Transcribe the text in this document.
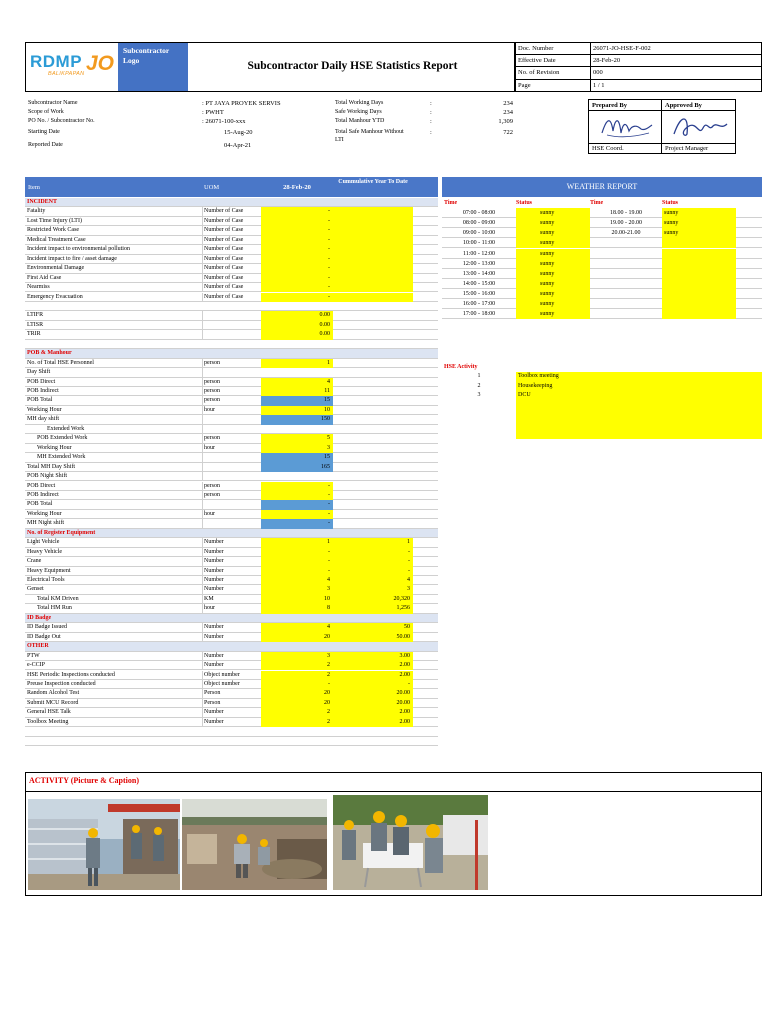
RDMP JO
BALIKPAPAN
Subcontractor Logo	Subcontractor Daily HSE Statistics Report
Doc. Number	26071-JO-HSE-F-002
Effective Date	28-Feb-20
No. of Revision	000
Page	1 / 1
Subcontractor Name	: PT JAYA PROYEK SERVIS
Scope of Work	: PWHT
PO No. / Subcontractor No.	: 26071-100-xxx
Starting Date	15-Aug-20
Reported Date	04-Apr-21
Total Working Days	:	234
Safe Working Days	:	234
Total Manhour YTD	:	1,309
Total Safe Manhour Without LTI
:	722
Prepared By	Approved By
HSE Coord.	Project Manager
Item	UOM	28-Feb-20
Cummulative Year To Date
INCIDENT
Fatality	Number of Case	-
Lost Time Injury (LTI)	Number of Case	-
Restricted Work Case	Number of Case	-
Medical Treatment Case	Number of Case	-
Incident impact to environmental pollution	Number of Case	-
Incident impact to fire / asset damage	Number of Case	-
Environmental Damage	Number of Case	-
First Aid Case	Number of Case	-
Nearmiss	Number of Case	-
Emergency Evacuation	Number of Case	-
LTIFR	0.00
LTISR	0.00
TRIR	0.00
POB & Manhour
No. of Total HSE Personnel	person	1
Day Shift
POB Direct	person	4
POB Indirect	person	11
POB Total	person	15
Working Hour	hour	10
MH day shift	150
Extended Work
POB Extended Work	person	5
Working Hour	hour	3
MH Extended Work	15
Total MH Day Shift	165
POB Night Shift
POB Direct	person	-
POB Indirect	person	-
POB Total	-
Working Hour	hour	-
MH Night shift	-
No. of Register Equipment
Light Vehicle	Number	1	1
Heavy Vehicle	Number	-	-
Crane	Number	-	-
Heavy Equipment	Number	-	-
Electrical Tools	Number	4	4
Genset	Number	3	3
Total KM Driven	KM	10	20,320
Total HM Run	hour	8	1,256
ID Badge
ID Badge Issued	Number	4	50
ID Badge Out	Number	20	50.00
OTHER
PTW	Number	3	3.00
e-CCIP	Number	2	2.00
HSE Periodic Inspections conducted	Object number	2	2.00
Preuse Inspection conducted	Object number	-	-
Random Alcohol Test	Person	20	20.00
Submit MCU Record	Person	20	20.00
General HSE Talk	Number	2	2.00
Toolbox Meeting	Number	2	2.00
WEATHER REPORT
Time	Status	Time	Status
07:00 - 08:00	sunny	18.00 - 19.00	sunny
08:00 - 09:00	sunny	19.00 - 20.00	sunny
09:00 - 10:00	sunny	20.00-21.00	sunny
10:00 - 11:00	sunny
11:00 - 12:00	sunny
12:00 - 13:00	sunny
13:00 - 14:00	sunny
14:00 - 15:00	sunny
15:00 - 16:00	sunny
16:00 - 17:00	sunny
17:00 - 18:00	sunny
HSE Activity
1	Toolbox meeting
2	Housekeeping
3	DCU
ACTIVITY (Picture & Caption)
